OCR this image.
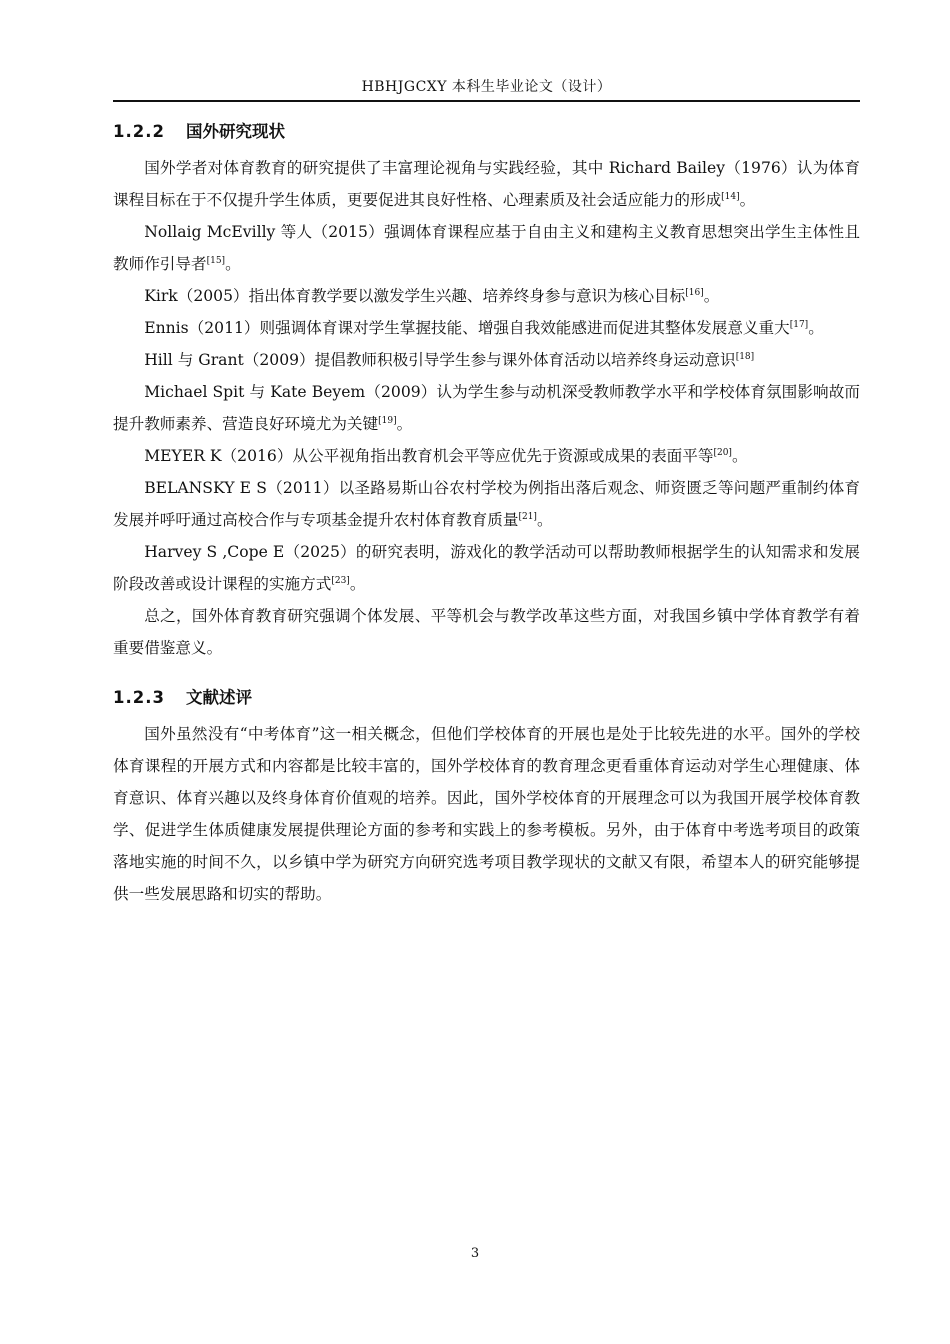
HBHJGCXY 本科生毕业论文（设计）
1.2.2 国外研究现状

国外学者对体育教育的研究提供了丰富理论视角与实践经验，其中 Richard Bailey（1976）认为体育课程目标在于不仅提升学生体质，更要促进其良好性格、心理素质及社会适应能力的形成[14]。

Nollaig McEvilly 等人（2015）强调体育课程应基于自由主义和建构主义教育思想突出学生主体性且教师作引导者[15]。

Kirk（2005）指出体育教学要以激发学生兴趣、培养终身参与意识为核心目标[16]。

Ennis（2011）则强调体育课对学生掌握技能、增强自我效能感进而促进其整体发展意义重大[17]。

Hill 与 Grant（2009）提倡教师积极引导学生参与课外体育活动以培养终身运动意识[18]

Michael Spit 与 Kate Beyem（2009）认为学生参与动机深受教师教学水平和学校体育氛围影响故而提升教师素养、营造良好环境尤为关键[19]。

MEYER K（2016）从公平视角指出教育机会平等应优先于资源或成果的表面平等[20]。

BELANSKY E S（2011）以圣路易斯山谷农村学校为例指出落后观念、师资匮乏等问题严重制约体育发展并呼吁通过高校合作与专项基金提升农村体育教育质量[21]。

Harvey S ,Cope E（2025）的研究表明，游戏化的教学活动可以帮助教师根据学生的认知需求和发展阶段改善或设计课程的实施方式[23]。

总之，国外体育教育研究强调个体发展、平等机会与教学改革这些方面，对我国乡镇中学体育教学有着重要借鉴意义。

1.2.3 文献述评

国外虽然没有“中考体育”这一相关概念，但他们学校体育的开展也是处于比较先进的水平。国外的学校体育课程的开展方式和内容都是比较丰富的，国外学校体育的教育理念更看重体育运动对学生心理健康、体育意识、体育兴趣以及终身体育价值观的培养。因此，国外学校体育的开展理念可以为我国开展学校体育教学、促进学生体质健康发展提供理论方面的参考和实践上的参考模板。另外，由于体育中考选考项目的政策落地实施的时间不久，以乡镇中学为研究方向研究选考项目教学现状的文献又有限，希望本人的研究能够提供一些发展思路和切实的帮助。

3
